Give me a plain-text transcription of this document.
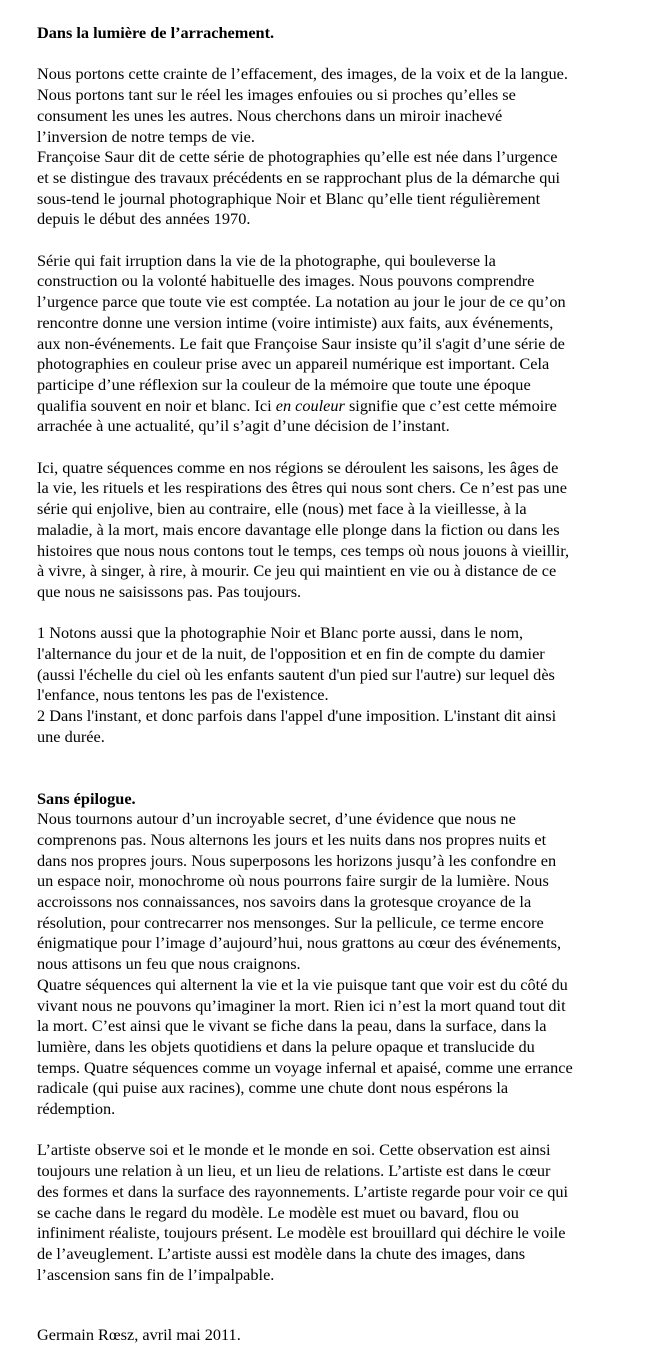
Dans la lumière de l’arrachement.
Nous portons cette crainte de l’effacement, des images, de la voix et de la langue.
Nous portons tant sur le réel les images enfouies ou si proches qu’elles se
consument les unes les autres. Nous cherchons dans un miroir inachevé
l’inversion de notre temps de vie.
Françoise Saur dit de cette série de photographies qu’elle est née dans l’urgence
et se distingue des travaux précédents en se rapprochant plus de la démarche qui
sous-tend le journal photographique Noir et Blanc qu’elle tient régulièrement
depuis le début des années 1970.
Série qui fait irruption dans la vie de la photographe, qui bouleverse la
construction ou la volonté habituelle des images. Nous pouvons comprendre
l’urgence parce que toute vie est comptée. La notation au jour le jour de ce qu’on
rencontre donne une version intime (voire intimiste) aux faits, aux événements,
aux non-événements. Le fait que Françoise Saur insiste qu’il s'agit d’une série de
photographies en couleur prise avec un appareil numérique est important. Cela
participe d’une réflexion sur la couleur de la mémoire que toute une époque
qualifia souvent en noir et blanc. Ici en couleur signifie que c’est cette mémoire
arrachée à une actualité, qu’il s’agit d’une décision de l’instant.
Ici, quatre séquences comme en nos régions se déroulent les saisons, les âges de
la vie, les rituels et les respirations des êtres qui nous sont chers. Ce n’est pas une
série qui enjolive, bien au contraire, elle (nous) met face à la vieillesse, à la
maladie, à la mort, mais encore davantage elle plonge dans la fiction ou dans les
histoires que nous nous contons tout le temps, ces temps où nous jouons à vieillir,
à vivre, à singer, à rire, à mourir. Ce jeu qui maintient en vie ou à distance de ce
que nous ne saisissons pas. Pas toujours.
1 Notons aussi que la photographie Noir et Blanc porte aussi, dans le nom,
l'alternance du jour et de la nuit, de l'opposition et en fin de compte du damier
(aussi l'échelle du ciel où les enfants sautent d'un pied sur l'autre) sur lequel dès
l'enfance, nous tentons les pas de l'existence.
2 Dans l'instant, et donc parfois dans l'appel d'une imposition. L'instant dit ainsi
une durée.
Sans épilogue.
Nous tournons autour d’un incroyable secret, d’une évidence que nous ne
comprenons pas. Nous alternons les jours et les nuits dans nos propres nuits et
dans nos propres jours. Nous superposons les horizons jusqu’à les confondre en
un espace noir, monochrome où nous pourrons faire surgir de la lumière. Nous
accroissons nos connaissances, nos savoirs dans la grotesque croyance de la
résolution, pour contrecarrer nos mensonges. Sur la pellicule, ce terme encore
énigmatique pour l’image d’aujourd’hui, nous grattons au cœur des événements,
nous attisons un feu que nous craignons.
Quatre séquences qui alternent la vie et la vie puisque tant que voir est du côté du
vivant nous ne pouvons qu’imaginer la mort. Rien ici n’est la mort quand tout dit
la mort. C’est ainsi que le vivant se fiche dans la peau, dans la surface, dans la
lumière, dans les objets quotidiens et dans la pelure opaque et translucide du
temps. Quatre séquences comme un voyage infernal et apaisé, comme une errance
radicale (qui puise aux racines), comme une chute dont nous espérons la
rédemption.
L’artiste observe soi et le monde et le monde en soi. Cette observation est ainsi
toujours une relation à un lieu, et un lieu de relations. L’artiste est dans le cœur
des formes et dans la surface des rayonnements. L’artiste regarde pour voir ce qui
se cache dans le regard du modèle. Le modèle est muet ou bavard, flou ou
infiniment réaliste, toujours présent. Le modèle est brouillard qui déchire le voile
de l’aveuglement. L’artiste aussi est modèle dans la chute des images, dans
l’ascension sans fin de l’impalpable.
Germain Rœsz, avril mai 2011.
